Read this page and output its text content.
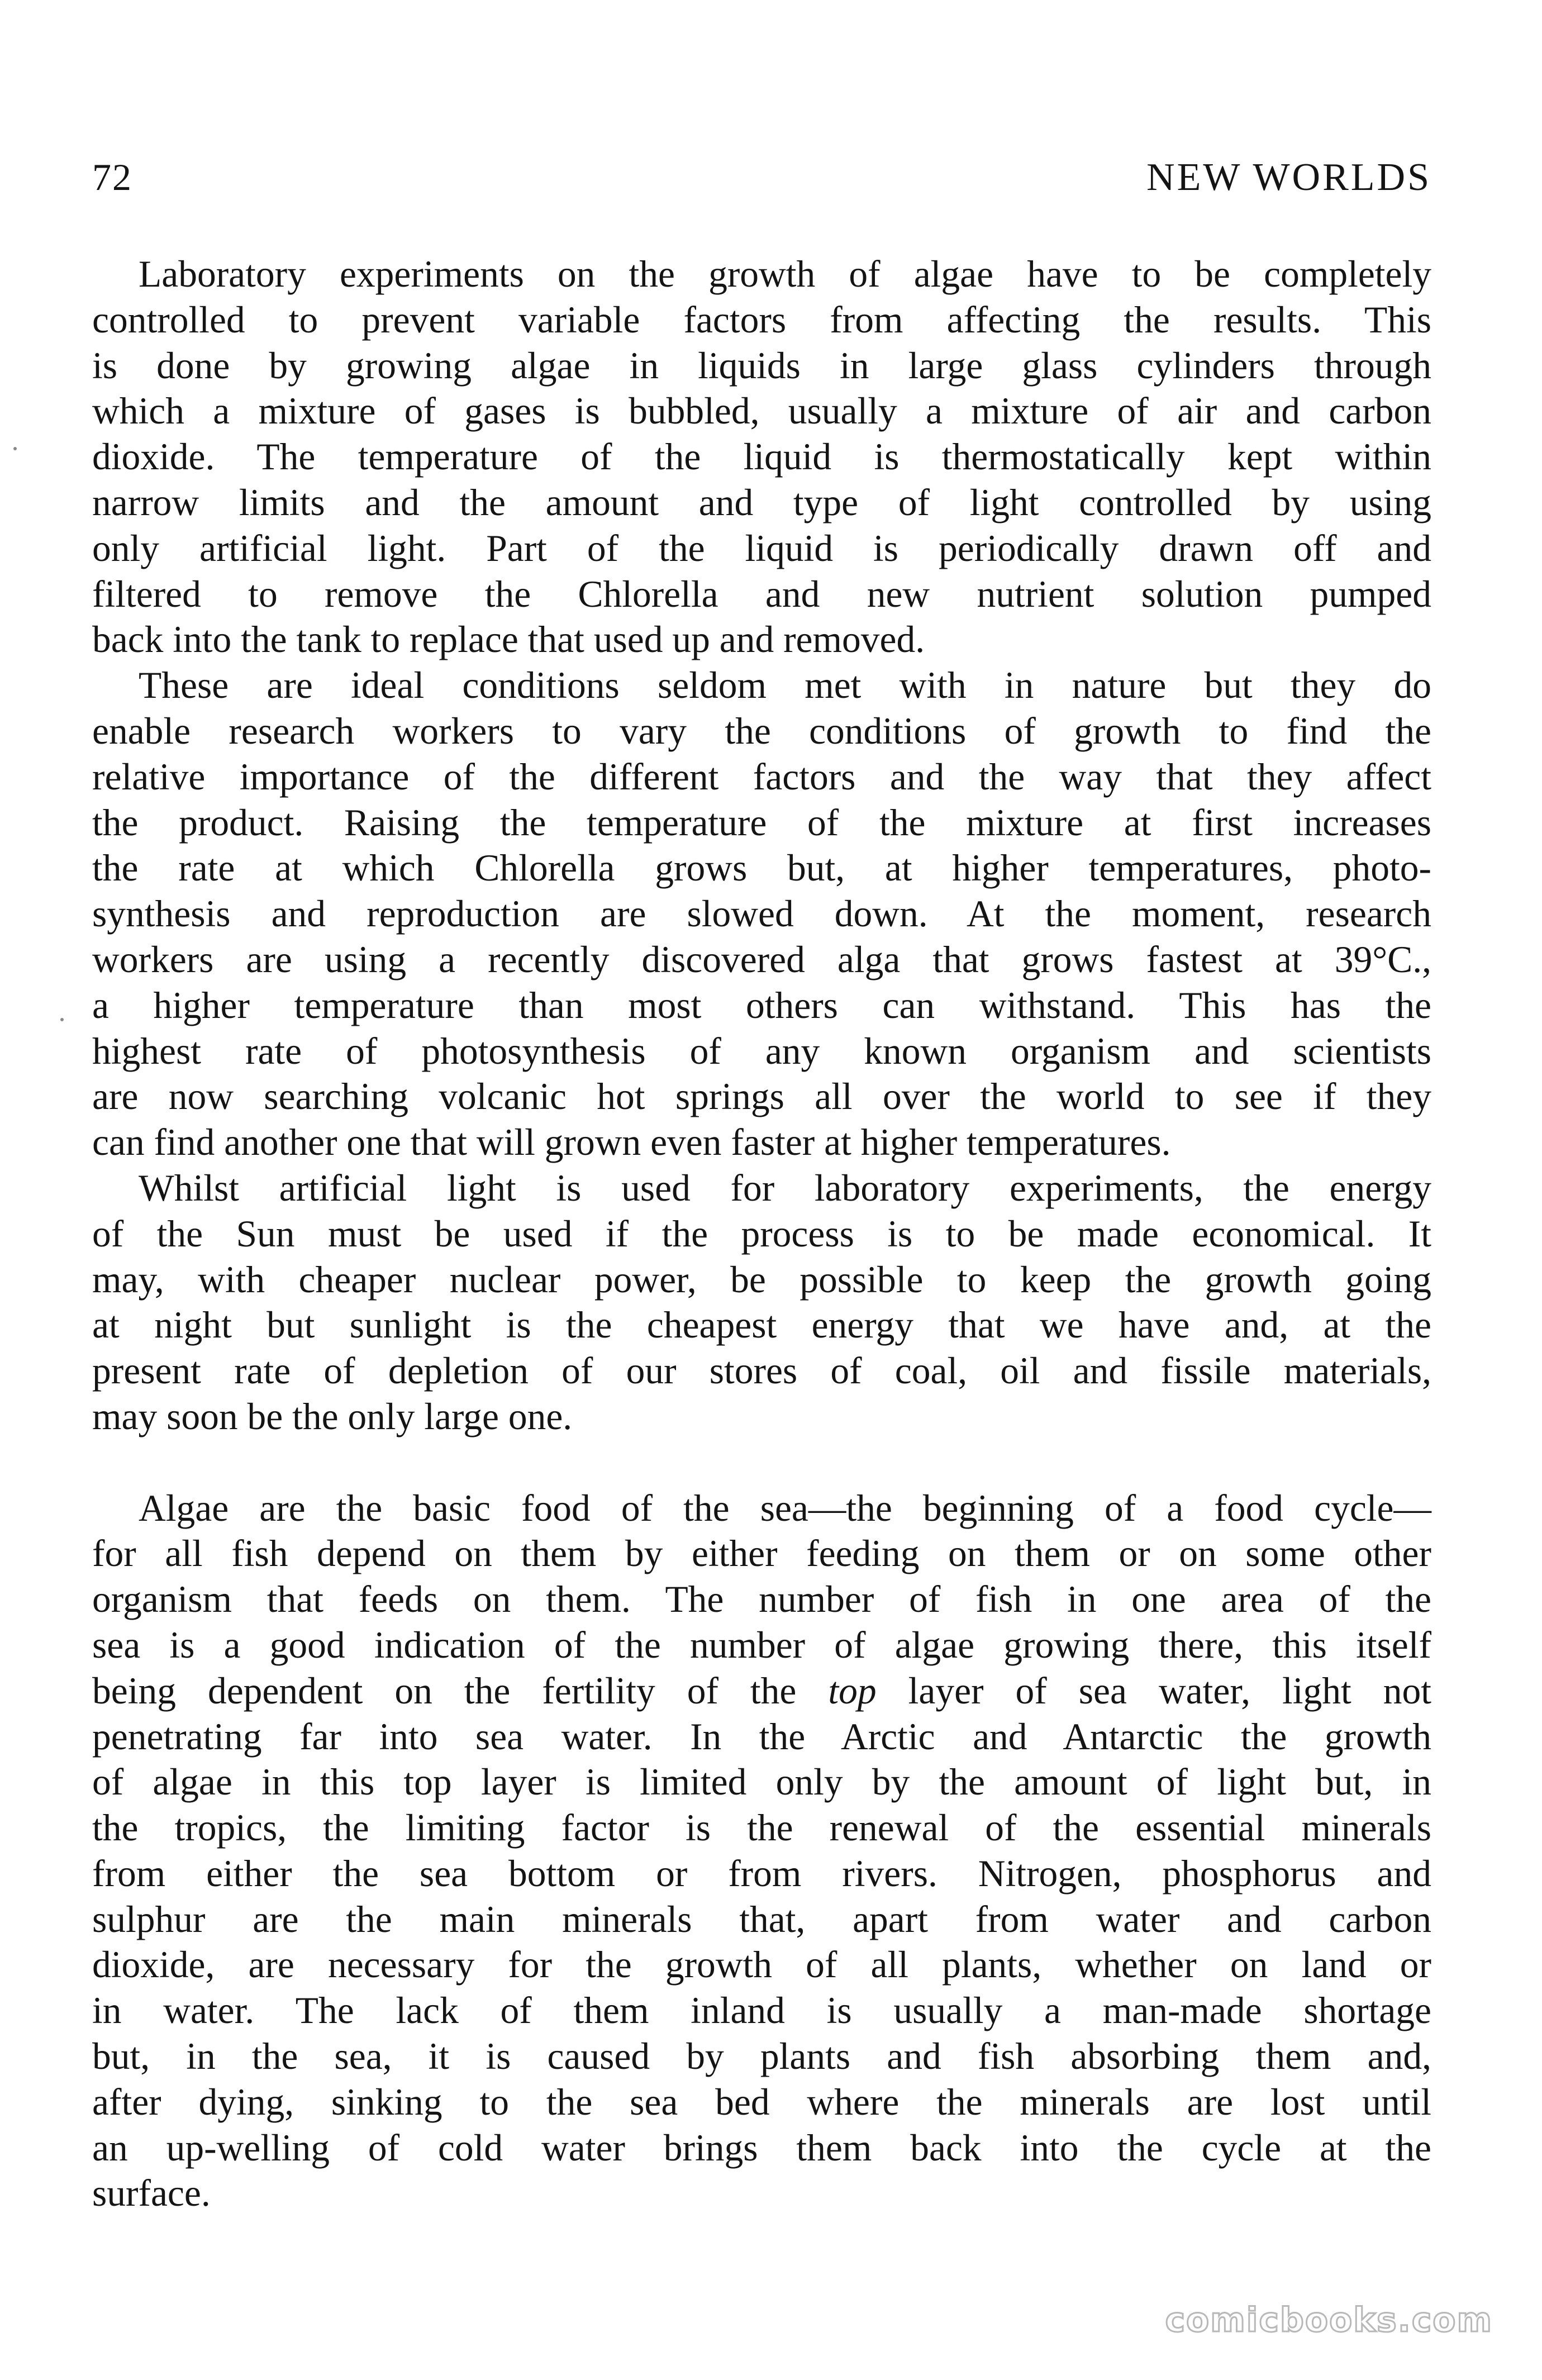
72	NEW WORLDS
Laboratory experiments on the growth of algae have to be completely
controlled to prevent variable factors from affecting the results. This
is done by growing algae in liquids in large glass cylinders through
which a mixture of gases is bubbled, usually a mixture of air and carbon
dioxide. The temperature of the liquid is thermostatically kept within
narrow limits and the amount and type of light controlled by using
only artificial light. Part of the liquid is periodically drawn off and
filtered to remove the Chlorella and new nutrient solution pumped
back into the tank to replace that used up and removed.
These are ideal conditions seldom met with in nature but they do
enable research workers to vary the conditions of growth to find the
relative importance of the different factors and the way that they affect
the product. Raising the temperature of the mixture at first increases
the rate at which Chlorella grows but, at higher temperatures, photo-
synthesis and reproduction are slowed down. At the moment, research
workers are using a recently discovered alga that grows fastest at 39°C.,
a higher temperature than most others can withstand. This has the
highest rate of photosynthesis of any known organism and scientists
are now searching volcanic hot springs all over the world to see if they
can find another one that will grown even faster at higher temperatures.
Whilst artificial light is used for laboratory experiments, the energy
of the Sun must be used if the process is to be made economical. It
may, with cheaper nuclear power, be possible to keep the growth going
at night but sunlight is the cheapest energy that we have and, at the
present rate of depletion of our stores of coal, oil and fissile materials,
may soon be the only large one.
Algae are the basic food of the sea—the beginning of a food cycle—
for all fish depend on them by either feeding on them or on some other
organism that feeds on them. The number of fish in one area of the
sea is a good indication of the number of algae growing there, this itself
being dependent on the fertility of the top layer of sea water, light not
penetrating far into sea water. In the Arctic and Antarctic the growth
of algae in this top layer is limited only by the amount of light but, in
the tropics, the limiting factor is the renewal of the essential minerals
from either the sea bottom or from rivers. Nitrogen, phosphorus and
sulphur are the main minerals that, apart from water and carbon
dioxide, are necessary for the growth of all plants, whether on land or
in water. The lack of them inland is usually a man-made shortage
but, in the sea, it is caused by plants and fish absorbing them and,
after dying, sinking to the sea bed where the minerals are lost until
an up-welling of cold water brings them back into the cycle at the
surface.
comicbooks.com
